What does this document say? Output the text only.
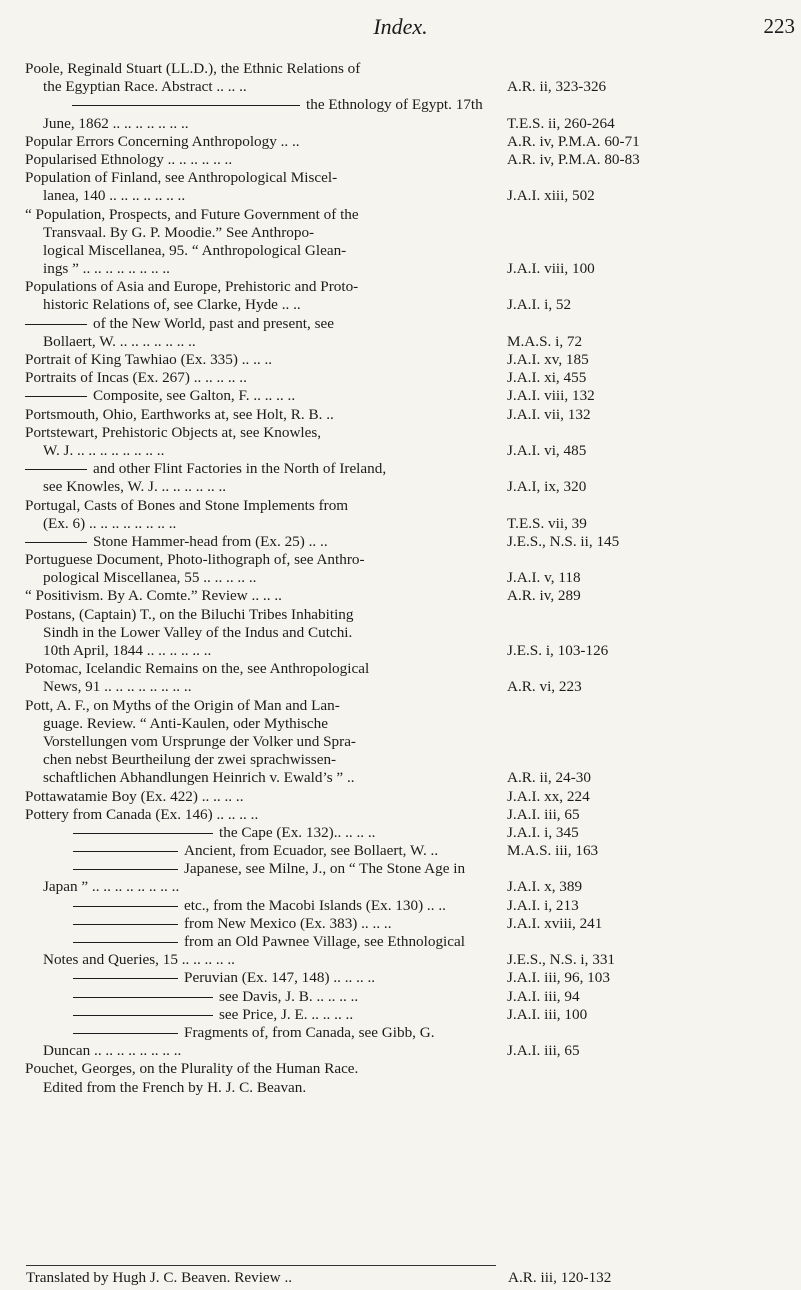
Index.	223
Poole, Reginald Stuart (LL.D.), the Ethnic Relations of
the Egyptian Race. Abstract .. .. ..	A.R. ii, 323-326
the Ethnology of Egypt. 17th
June, 1862 .. .. .. .. .. .. ..	T.E.S. ii, 260-264
Popular Errors Concerning Anthropology .. ..	A.R. iv, P.M.A. 60-71
Popularised Ethnology .. .. .. .. .. ..	A.R. iv, P.M.A. 80-83
Population of Finland, see Anthropological Miscel-
lanea, 140 .. .. .. .. .. .. ..	J.A.I. xiii, 502
“ Population, Prospects, and Future Government of the
Transvaal. By G. P. Moodie.” See Anthropo-
logical Miscellanea, 95. “ Anthropological Glean-
ings ” .. .. .. .. .. .. .. ..	J.A.I. viii, 100
Populations of Asia and Europe, Prehistoric and Proto-
historic Relations of, see Clarke, Hyde .. ..	J.A.I. i, 52
of the New World, past and present, see
Bollaert, W. .. .. .. .. .. .. ..	M.A.S. i, 72
Portrait of King Tawhiao (Ex. 335) .. .. ..	J.A.I. xv, 185
Portraits of Incas (Ex. 267) .. .. .. .. ..	J.A.I. xi, 455
Composite, see Galton, F. .. .. .. ..	J.A.I. viii, 132
Portsmouth, Ohio, Earthworks at, see Holt, R. B. ..	J.A.I. vii, 132
Portstewart, Prehistoric Objects at, see Knowles,
W. J. .. .. .. .. .. .. .. ..	J.A.I. vi, 485
and other Flint Factories in the North of Ireland,
see Knowles, W. J. .. .. .. .. .. ..	J.A.I, ix, 320
Portugal, Casts of Bones and Stone Implements from
(Ex. 6) .. .. .. .. .. .. .. ..	T.E.S. vii, 39
Stone Hammer-head from (Ex. 25) .. ..	J.E.S., N.S. ii, 145
Portuguese Document, Photo-lithograph of, see Anthro-
pological Miscellanea, 55 .. .. .. .. ..	J.A.I. v, 118
“ Positivism. By A. Comte.” Review .. .. ..	A.R. iv, 289
Postans, (Captain) T., on the Biluchi Tribes Inhabiting
Sindh in the Lower Valley of the Indus and Cutchi.
10th April, 1844 .. .. .. .. .. ..	J.E.S. i, 103-126
Potomac, Icelandic Remains on the, see Anthropological
News, 91 .. .. .. .. .. .. .. ..	A.R. vi, 223
Pott, A. F., on Myths of the Origin of Man and Lan-
guage. Review. “ Anti-Kaulen, oder Mythische
Vorstellungen vom Ursprunge der Volker und Spra-
chen nebst Beurtheilung der zwei sprachwissen-
schaftlichen Abhandlungen Heinrich v. Ewald’s ” ..	A.R. ii, 24-30
Pottawatamie Boy (Ex. 422) .. .. .. ..	J.A.I. xx, 224
Pottery from Canada (Ex. 146) .. .. .. ..	J.A.I. iii, 65
the Cape (Ex. 132).. .. .. ..	J.A.I. i, 345
Ancient, from Ecuador, see Bollaert, W. ..	M.A.S. iii, 163
Japanese, see Milne, J., on “ The Stone Age in
Japan ” .. .. .. .. .. .. .. ..	J.A.I. x, 389
etc., from the Macobi Islands (Ex. 130) .. ..	J.A.I. i, 213
from New Mexico (Ex. 383) .. .. ..	J.A.I. xviii, 241
from an Old Pawnee Village, see Ethnological
Notes and Queries, 15 .. .. .. .. ..	J.E.S., N.S. i, 331
Peruvian (Ex. 147, 148) .. .. .. ..	J.A.I. iii, 96, 103
see Davis, J. B. .. .. .. ..	J.A.I. iii, 94
see Price, J. E. .. .. .. ..	J.A.I. iii, 100
Fragments of, from Canada, see Gibb, G.
Duncan .. .. .. .. .. .. .. ..	J.A.I. iii, 65
Pouchet, Georges, on the Plurality of the Human Race.
Edited from the French by H. J. C. Beavan.
Translated by Hugh J. C. Beaven. Review ..	A.R. iii, 120-132
